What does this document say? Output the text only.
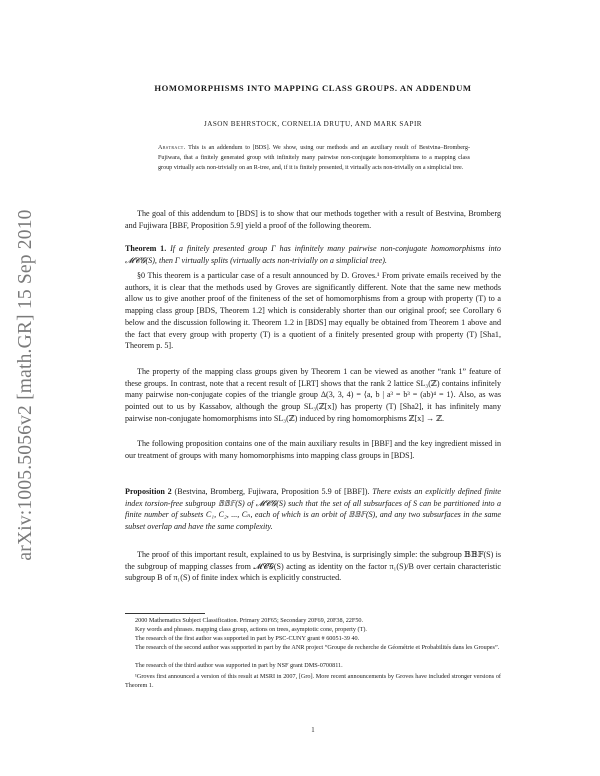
arXiv:1005.5056v2 [math.GR] 15 Sep 2010
HOMOMORPHISMS INTO MAPPING CLASS GROUPS. AN ADDENDUM
JASON BEHRSTOCK, CORNELIA DRUȚU, AND MARK SAPIR

Abstract. This is an addendum to [BDS]. We show, using our methods and an auxiliary result of Bestvina–Bromberg-Fujiwara, that a finitely generated group with infinitely many pairwise non-conjugate homomorphisms to a mapping class group virtually acts non-trivially on an R-tree, and, if it is finitely presented, it virtually acts non-trivially on a simplicial tree.

The goal of this addendum to [BDS] is to show that our methods together with a result of Bestvina, Bromberg and Fujiwara [BBF, Proposition 5.9] yield a proof of the following theorem.

Theorem 1. If a finitely presented group Γ has infinitely many pairwise non-conjugate homomorphisms into 𝓜𝓒𝓖(S), then Γ virtually splits (virtually acts non-trivially on a simplicial tree).

§0 This theorem is a particular case of a result announced by D. Groves.¹ From private emails received by the authors, it is clear that the methods used by Groves are significantly different. Note that the same new methods allow us to give another proof of the finiteness of the set of homomorphisms from a group with property (T) to a mapping class group [BDS, Theorem 1.2] which is considerably shorter than our original proof; see Corollary 6 below and the discussion following it. Theorem 1.2 in [BDS] may equally be obtained from Theorem 1 above and the fact that every group with property (T) is a quotient of a finitely presented group with property (T) [Sha1, Theorem p. 5].

The property of the mapping class groups given by Theorem 1 can be viewed as another “rank 1” feature of these groups. In contrast, note that a recent result of [LRT] shows that the rank 2 lattice SL₃(ℤ) contains infinitely many pairwise non-conjugate copies of the triangle group Δ(3, 3, 4) = ⟨a, b | a³ = b³ = (ab)⁴ = 1⟩. Also, as was pointed out to us by Kassabov, although the group SL₃(ℤ[x]) has property (T) [Sha2], it has infinitely many pairwise non-conjugate homomorphisms into SL₃(ℤ) induced by ring homomorphisms ℤ[x] → ℤ.

The following proposition contains one of the main auxiliary results in [BBF] and the key ingredient missed in our treatment of groups with many homomorphisms into mapping class groups in [BDS].

Proposition 2 (Bestvina, Bromberg, Fujiwara, Proposition 5.9 of [BBF]). There exists an explicitly defined finite index torsion-free subgroup 𝔹𝔹𝔽(S) of 𝓜𝓒𝓖(S) such that the set of all subsurfaces of S can be partitioned into a finite number of subsets C₁, C₂, ..., Cₙ, each of which is an orbit of 𝔹𝔹𝔽(S), and any two subsurfaces in the same subset overlap and have the same complexity.

The proof of this important result, explained to us by Bestvina, is surprisingly simple: the subgroup 𝔹𝔹𝔽(S) is the subgroup of mapping classes from 𝓜𝓒𝓖(S) acting as identity on the factor π₁(S)/B over certain characteristic subgroup B of π₁(S) of finite index which is explicitly constructed.

2000 Mathematics Subject Classification. Primary 20F65; Secondary 20F69, 20F38, 22F50.

Key words and phrases. mapping class group, actions on trees, asymptotic cone, property (T).

The research of the first author was supported in part by PSC-CUNY grant # 60051-39 40.

The research of the second author was supported in part by the ANR project “Groupe de recherche de Géométrie et Probabilités dans les Groupes”.

The research of the third author was supported in part by NSF grant DMS-0700811.

¹Groves first announced a version of this result at MSRI in 2007, [Gro]. More recent announcements by Groves have included stronger versions of Theorem 1.

1
